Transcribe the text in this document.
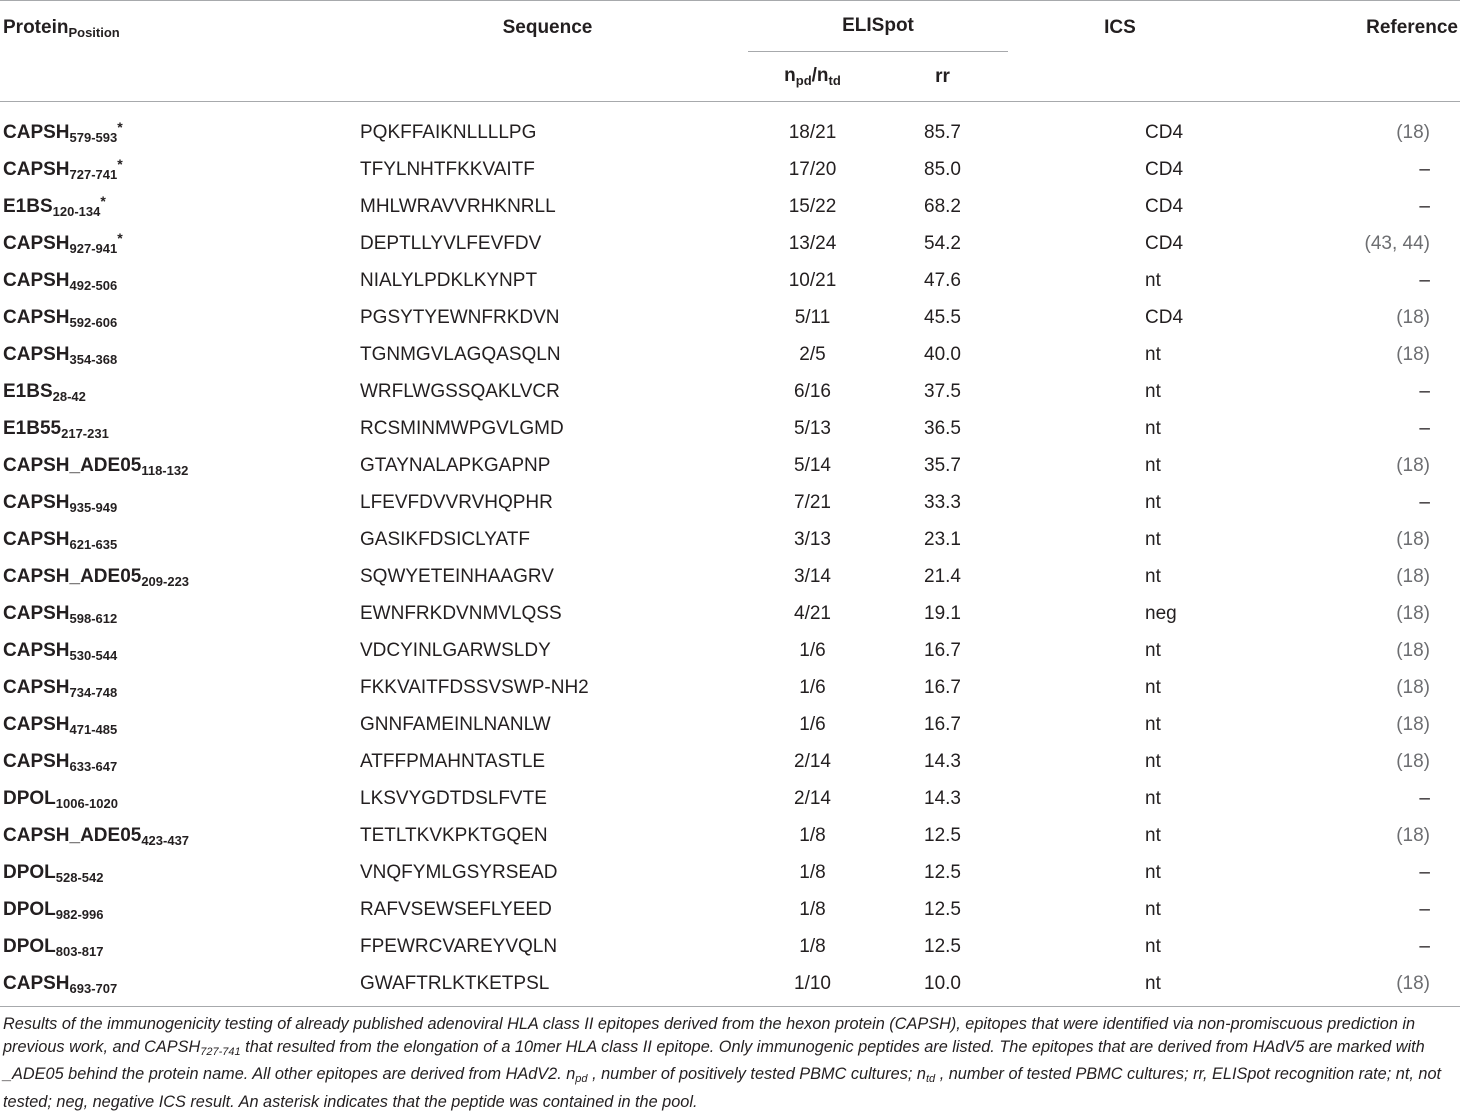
Protein$_{Position}$	Sequence	ELISpot		ICS	Reference
		$n_{pd}/n_{td}$	rr		
$CAPSH_{579-593}^*$	PQKFFAIKNLLLLPG	18/21	85.7	CD4	(18)
$CAPSH_{727-741}^*$	TFYLNHTFKKVAITF	17/20	85.0	CD4	–
$E1BS_{120-134}^*$	MHLWRAVVRHKNRLL	15/22	68.2	CD4	–
$CAPSH_{927-941}^*$	DEPTLLYVLFEVFDV	13/24	54.2	CD4	(43, 44)
$CAPSH_{492-506}$	NIALYLPDKLKYNPT	10/21	47.6	nt	–
$CAPSH_{592-606}$	PGSYTYEWNFRKDVN	5/11	45.5	CD4	(18)
$CAPSH_{354-368}$	TGNMGVLAGQASQLN	2/5	40.0	nt	(18)
$E1BS_{28-42}$	WRFLWGSSQAKLVCR	6/16	37.5	nt	–
$E1B55_{217-231}$	RCSMINMWPGVLGMD	5/13	36.5	nt	–
$CAPSH\_ADE05_{118-132}$	GTAYNALAPKGAPNP	5/14	35.7	nt	(18)
$CAPSH_{935-949}$	LFEVFDVVRVHQPHR	7/21	33.3	nt	–
$CAPSH_{621-635}$	GASIKFDSICLYATF	3/13	23.1	nt	(18)
$CAPSH\_ADE05_{209-223}$	SQWYETEINHAAGRV	3/14	21.4	nt	(18)
$CAPSH_{598-612}$	EWNFRKDVNMVLQSS	4/21	19.1	neg	(18)
$CAPSH_{530-544}$	VDCYINLGARWSLDY	1/6	16.7	nt	(18)
$CAPSH_{734-748}$	FKKVAITFDSSVSWP-NH2	1/6	16.7	nt	(18)
$CAPSH_{471-485}$	GNNFAMEINLNANLW	1/6	16.7	nt	(18)
$CAPSH_{633-647}$	ATFFPMAHNTASTLE	2/14	14.3	nt	(18)
$DPOL_{1006-1020}$	LKSVYGDTDSLFVTE	2/14	14.3	nt	–
$CAPSH\_ADE05_{423-437}$	TETLTKVKPKTGQEN	1/8	12.5	nt	(18)
$DPOL_{528-542}$	VNQFYMLGSYRSEAD	1/8	12.5	nt	–
$DPOL_{982-996}$	RAFVSEWSEFLYEED	1/8	12.5	nt	–
$DPOL_{803-817}$	FPEWRCVAREYVQLN	1/8	12.5	nt	–
$CAPSH_{693-707}$	GWAFTRLKTKETPSL	1/10	10.0	nt	(18)
Results of the immunogenicity testing of already published adenoviral HLA class II epitopes derived from the hexon protein (CAPSH), epitopes that were identified via non-promiscuous prediction in previous work, and CAPSH727-741 that resulted from the elongation of a 10mer HLA class II epitope. Only immunogenic peptides are listed. The epitopes that are derived from HAdV5 are marked with _ADE05 behind the protein name. All other epitopes are derived from HAdV2. npd , number of positively tested PBMC cultures; ntd , number of tested PBMC cultures; rr, ELISpot recognition rate; nt, not tested; neg, negative ICS result. An asterisk indicates that the peptide was contained in the pool.
